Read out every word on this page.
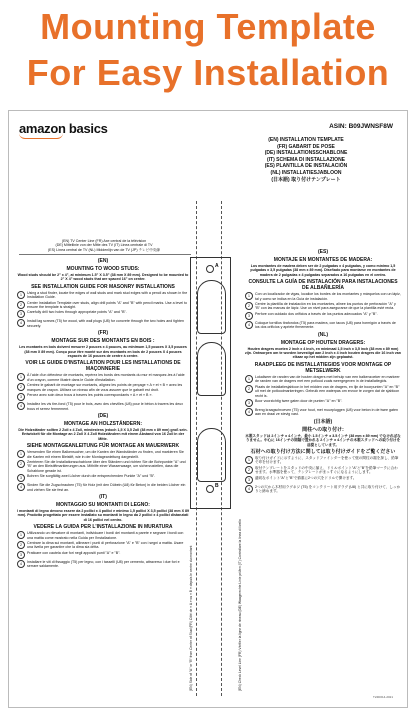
Mounting Template
For Easy Installation
amazon basics	ASIN: B09JWNSF8W
(EN) INSTALLATION TEMPLATE
(FR) GABARIT DE POSE
(DE) INSTALLATIONSSCHABLONE
(IT) SCHEMA DI INSTALLAZIONE
(ES) PLANTILLA DE INSTALACIÓN
(NL) INSTALLATIESJABLOON
(日本語) 取り付けテンプレート
(EN) TV Center Line (FR) Axe central de la télévision
(DE) Mittellinie von der Mitte des TV (IT) Linea centrale di TV
(ES) Línea central de TV (NL) Middenlijn van de TV (JP) テレビ中央線
(EN)
MOUNTING TO WOOD STUDS:

Wood studs should be 2" x 4", at minimum 1.5" X 3.5" (38 mm X 89 mm). Designed to be mounted to 2" X 4" wood studs that are spaced 16" on center.

SEE INSTALLATION GUIDE FOR MASONRY INSTALLATIONS
1	Using a stud finder, locate the edges of wall studs and mark stud edges with a pencil as shown in the Installation Guide.
2	Center Installation Template over studs, align drill points "A" and "B" with pencil marks. Use a level to ensure the template is straight.
3	Carefully drill two holes through appropriate points "A" and "B".
4	Install lag screws (T5) for wood, with wall plugs (U8) for concrete through the two holes and tighten securely.
(FR)
MONTAGE SUR DES MONTANTS EN BOIS :

Les montants en bois doivent mesurer 2 pouces x 4 pouces, au minimum 1,5 pouces X 3,5 pouces (38 mm X 89 mm). Conçu pour être monté sur des montants en bois de 2 pouces X 4 pouces espacés de 16 pouces de centre à centre.

VOIR LE GUIDE D'INSTALLATION POUR LES INSTALLATIONS DE MAÇONNERIE
1	À l'aide d'un détecteur de montants, repérez les bords des montants du mur et marquez-les à l'aide d'un crayon, comme illustré dans le Guide d'installation.
2	Centrez le gabarit de montage sur montants, alignez les points de perçage « A » et « B » avec les marques de crayon. Utilisez un niveau afin de vous assurer que le gabarit est droit.
3	Percez avec soin deux trous à travers les points correspondants « A » et « B ».
4	Installez les vis tire-fond (T5) pour le bois, avec des chevilles (U8) pour le béton à travers les deux trous et serrez fermement.
(DE)
MONTAGE AN HOLZSTÄNDERN:

Die Holzständer sollten 2 Zoll x 4 Zoll, mindestens jedoch 1,5 X 3,5 Zoll (38 mm x 89 mm) groß sein. Entwickelt für die Montage an 2 Zoll X 4 Zoll Holzständern mit einem Abstand von 16 Zoll in der Mitte.

SIEHE MONTAGEANLEITUNG FÜR MONTAGE AN MAUERWERK
1	Verwenden Sie einen Balkensucher, um die Kanten der Wandständer zu finden, und markieren Sie die Kanten mit einem Bleistift, wie in der Montageanleitung dargestellt.
2	Zentrieren Sie die Installationsschablone über den Ständern und richten Sie die Bohrpunkte "A" und "B" an den Bleistiftmarkierungen aus. Mithilfe einer Wasserwaage, um sicherzustellen, dass die Schablone gerade ist.
3	Bohren Sie sorgfältig zwei Löcher durch die entsprechenden Punkte "A" und "B".
4	Sinden Sie die Zugschrauben (T5) für Holz (mit den Dübeln (U8) für Beton) in die beiden Löcher ein und ziehen Sie sie fest an.
(IT)
MONTAGGIO SU MONTANTI DI LEGNO:

I montanti di legno devono essere da 2 pollici x 4 pollici e minimo 1,5 pollici X 3,5 pollici (38 mm X 89 mm). Prodotto progettato per essere installato su montanti in legno da 2 pollici x 4 pollici distanziati di 16 pollici nel centro.

VEDERE LA GUIDA PER L'INSTALLAZIONE IN MURATURA
1	Utilizzando un rilevatore di montanti, individuare i bordi dei montanti a parete e segnare i bordi con una matita come mostrato nella Guida per l'installazione.
2	Centrare la dima sui montanti, allineare i punti di perforazione "A" e "B" con i segni a matita. Usare una livella per garantire che la dima sia dritta.
3	Praticare con cautela due fori negli appositi punti "A" e "B".
4	Installare le viti di fissaggio (T5) per legno, con i tasselli (U8) per cemento, attraverso i due fori e serrare saldamente.
A
B
(EN) Side of "A" or "B" from Center of Stud (FR) Côté de « A » ou « B » depuis le centre du montant	(EN) Check Level Line (FR) Vérifier la ligne de niveau (DE) Waagerechte Linie prüfen (IT) Controllare la linea di livello
(ES)
MONTAJE EN MONTANTES DE MADERA:

Los montantes de madera deben ser de 2 pulgadas x 4 pulgadas, y como mínimo 1,5 pulgadas x 3,5 pulgadas (38 mm x 89 mm). Diseñado para montarse en montantes de madera de 2 pulgadas x 4 pulgadas separados a 16 pulgadas en el centro.

CONSULTE LA GUÍA DE INSTALACIÓN PARA INSTALACIONES DE ALBAÑILERÍA
1	Con un localizador de vigas, localice los bordes de los montantes y márquelos con un lápiz, tal y como se indica en la Guía de instalación.
2	Centre la plantilla de instalación en los montantes, alinee los puntos de perforación "A" y "B" con las marcas de lápiz. Use un nivel para asegurarse de que la plantilla esté recta.
3	Perfore con cuidado dos orificios a través de los puntos adecuados "A" y "B".
4	Coloque tornillos tirafondos (T5) para madera, con tacos (U8) para hormigón a través de los dos orificios y apriete firmemente.
(NL)
MONTAGE OP HOUTEN DRAGERS:

Houten dragers moeten 2 inch x 4 inch, en minimaal 1,5 inch x 3,5 inch (38 mm x 89 mm) zijn. Ontworpen om te worden bevestigd aan 2 inch x 4 inch houten dragers die 16 inch van elkaar op het midden zijn geplaatst.

RAADPLEEG DE INSTALLATIEGIDS VOOR MONTAGE OP METSELWERK
1	Lokaliseer de randen van de houten dragers met behulp van een balkenzoeker en markeer de randen van de dragers met een potlood zoals weergegeven in de installatiegids.
2	Plaats de installatiesjabloon in het midden van de dragers, en lijn de boorpunten "A" en "B" uit met de potloodmarkeringen. Gebruik een waterpas om ervoor te zorgen dat de sjabloon recht is.
3	Boor voorzichtig twee gaten door de punten "A" en "B".
4	Breng kraagschroeven (T5) voor hout, met muurpluggen (U8) voor beton in de twee gaten aan en draai ze stevig vast.
(日本語)
間柱への取り付け:

木製スタッドは 2インチ x 4インチ、最小 1.5インチ x 3.5インチ (38 mm x 89 mm) でなければなりません。中心に 16インチの間隔で置かれる 2インチ x 4インチの木製スタッドへの取り付けを前提としています。

石材への取り付け方法に関しては取り付けガイドをご覧ください
1	取り付けガイドに示すように、スタッドファインダーを使って壁の間柱の端を探し、鉛筆で印を付けます。
2	取付テンプレートをスタッドの中央に揃え、ドリルポイント"A"と"B"を鉛筆マークに合わせます。水準器を使って、テンプレートがまっすぐになるようにします。
3	適切なポイント"A"と"B"で慎重に2つの穴をドリルで開けます。
4	2つの穴から木材用ラグネジ (T5) をコンクリート用プラグ (U8) と共に取り付けて、しっかりと締めます。
T24D014-2021
